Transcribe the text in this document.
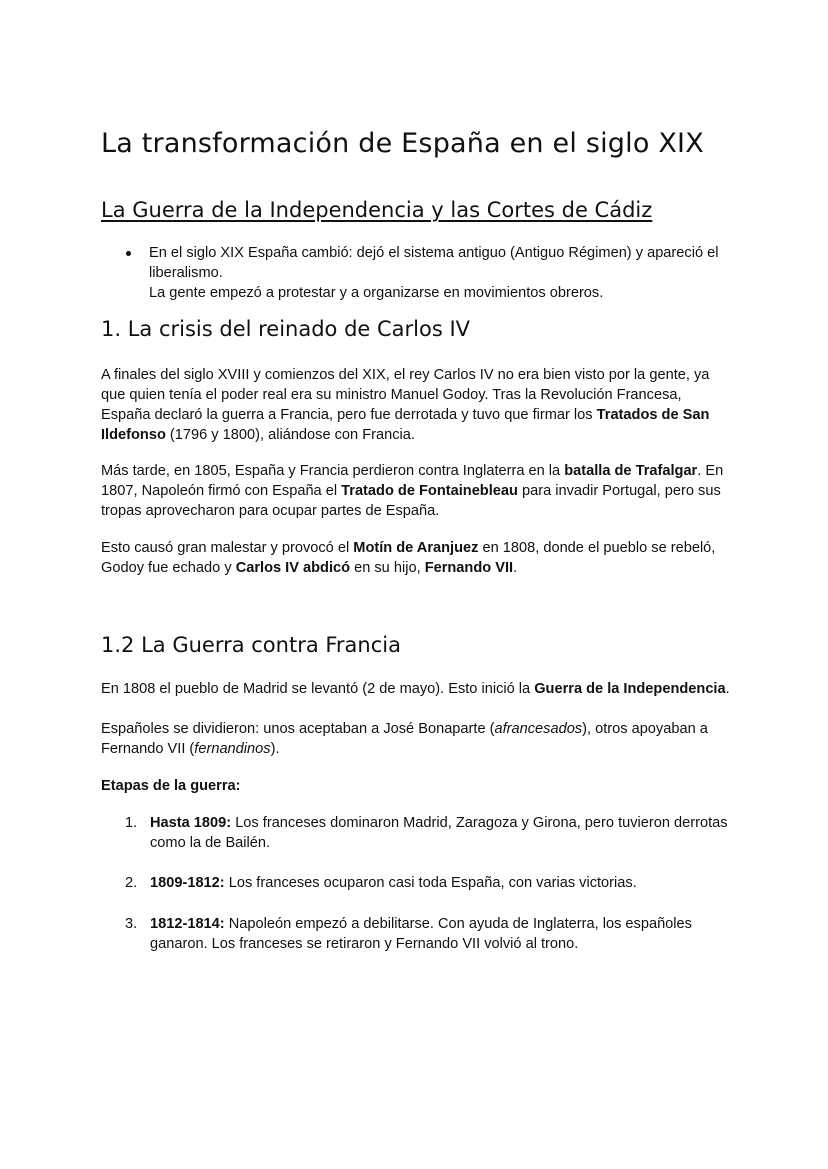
La transformación de España en el siglo XIX
La Guerra de la Independencia y las Cortes de Cádiz
En el siglo XIX España cambió: dejó el sistema antiguo (Antiguo Régimen) y apareció el liberalismo.
La gente empezó a protestar y a organizarse en movimientos obreros.
1. La crisis del reinado de Carlos IV

A finales del siglo XVIII y comienzos del XIX, el rey Carlos IV no era bien visto por la gente, ya que quien tenía el poder real era su ministro Manuel Godoy. Tras la Revolución Francesa, España declaró la guerra a Francia, pero fue derrotada y tuvo que firmar los Tratados de San Ildefonso (1796 y 1800), aliándose con Francia.

Más tarde, en 1805, España y Francia perdieron contra Inglaterra en la batalla de Trafalgar. En 1807, Napoleón firmó con España el Tratado de Fontainebleau para invadir Portugal, pero sus tropas aprovecharon para ocupar partes de España.

Esto causó gran malestar y provocó el Motín de Aranjuez en 1808, donde el pueblo se rebeló, Godoy fue echado y Carlos IV abdicó en su hijo, Fernando VII.

1.2 La Guerra contra Francia

En 1808 el pueblo de Madrid se levantó (2 de mayo). Esto inició la Guerra de la Independencia.

Españoles se dividieron: unos aceptaban a José Bonaparte (afrancesados), otros apoyaban a Fernando VII (fernandinos).

Etapas de la guerra:

1. Hasta 1809: Los franceses dominaron Madrid, Zaragoza y Girona, pero tuvieron derrotas como la de Bailén.
2. 1809-1812: Los franceses ocuparon casi toda España, con varias victorias.
3. 1812-1814: Napoleón empezó a debilitarse. Con ayuda de Inglaterra, los españoles ganaron. Los franceses se retiraron y Fernando VII volvió al trono.
